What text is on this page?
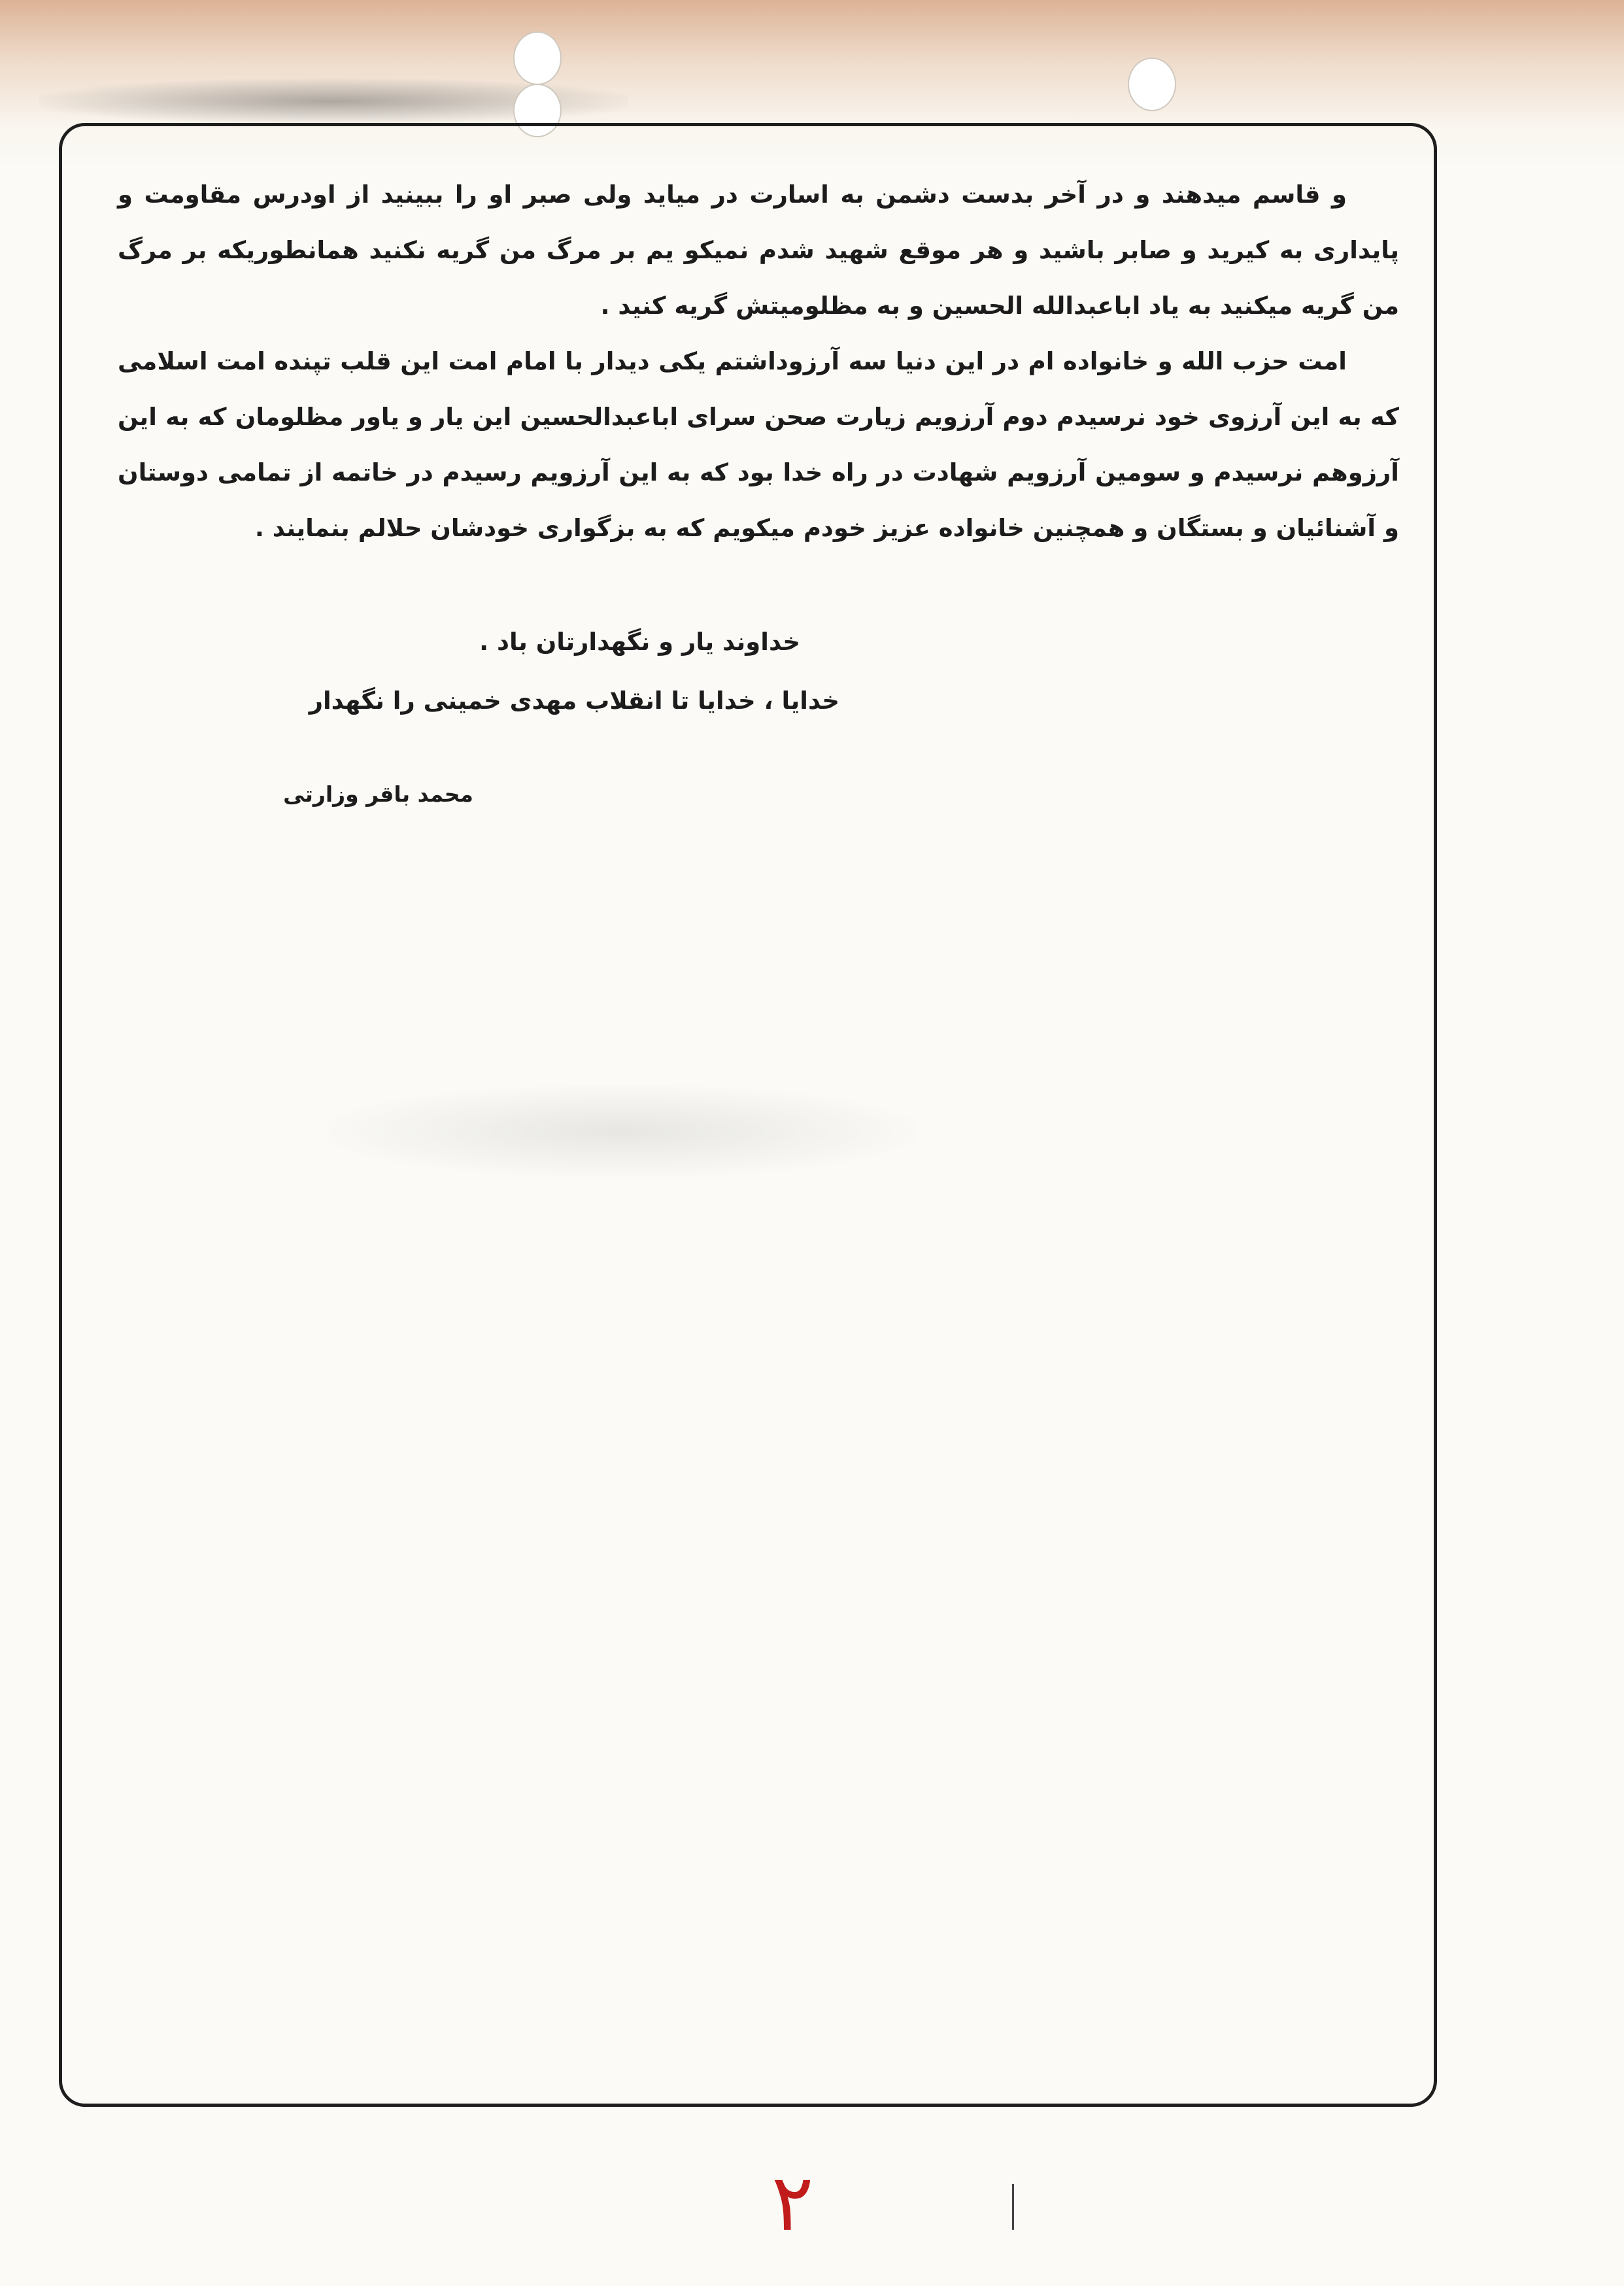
و قاسم میدهند و در آخر بدست دشمن به اسارت در میاید ولی صبر او را ببینید از اودرس مقاومت و پایداری به کیرید و صابر باشید و هر موقع شهید شدم نمیکو یم بر مرگ من گریه نکنید همانطوریکه بر مرگ من گریه میکنید به یاد اباعبدالله الحسین و به مظلومیتش گریه کنید .

امت حزب الله و خانواده ام در این دنیا سه آرزوداشتم یکی دیدار با امام امت این قلب تپنده امت اسلامی که به این آرزوی خود نرسیدم دوم آرزویم زیارت صحن سرای اباعبدالحسین این یار و یاور مظلومان که به این آرزوهم نرسیدم و سومین آرزویم شهادت در راه خدا بود که به این آرزویم رسیدم در خاتمه از تمامی دوستان و آشنائیان و بستگان و همچنین خانواده عزیز خودم میکویم که به بزگواری خودشان حلالم بنمایند .

خداوند یار و نگهدارتان باد .
خدایا ، خدایا تا انقلاب مهدی خمینی را نگهدار
محمد باقر وزارتی
۲
